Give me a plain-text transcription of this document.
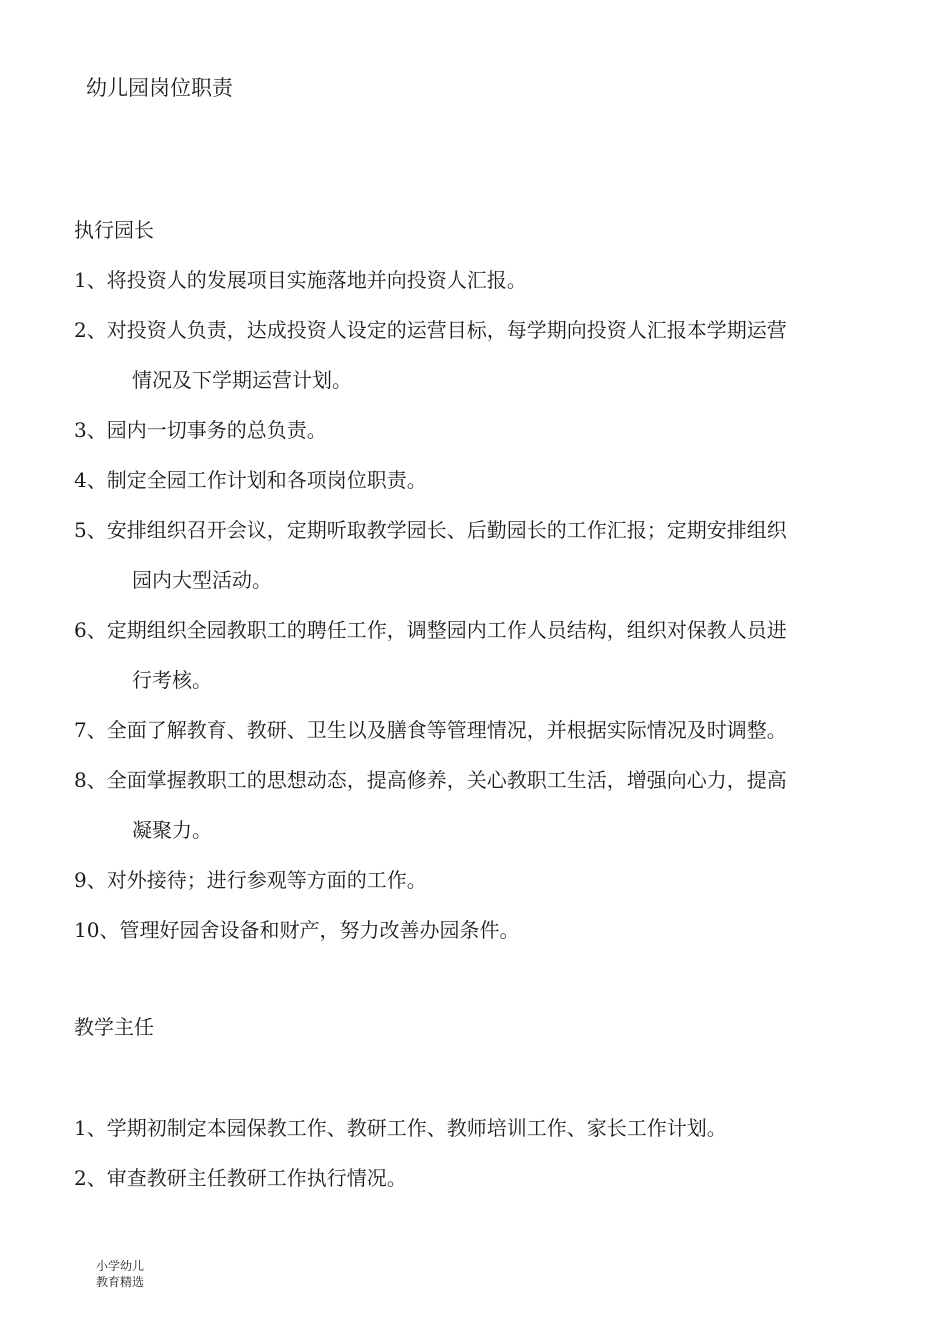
幼儿园岗位职责
执行园长
1、将投资人的发展项目实施落地并向投资人汇报。
2、对投资人负责，达成投资人设定的运营目标，每学期向投资人汇报本学期运营
情况及下学期运营计划。
3、园内一切事务的总负责。
4、制定全园工作计划和各项岗位职责。
5、安排组织召开会议，定期听取教学园长、后勤园长的工作汇报；定期安排组织
园内大型活动。
6、定期组织全园教职工的聘任工作，调整园内工作人员结构，组织对保教人员进
行考核。
7、全面了解教育、教研、卫生以及膳食等管理情况，并根据实际情况及时调整。
8、全面掌握教职工的思想动态，提高修养，关心教职工生活，增强向心力，提高
凝聚力。
9、对外接待；进行参观等方面的工作。
10、管理好园舍设备和财产，努力改善办园条件。
教学主任
1、学期初制定本园保教工作、教研工作、教师培训工作、家长工作计划。
2、审查教研主任教研工作执行情况。
小学幼儿教育精选
